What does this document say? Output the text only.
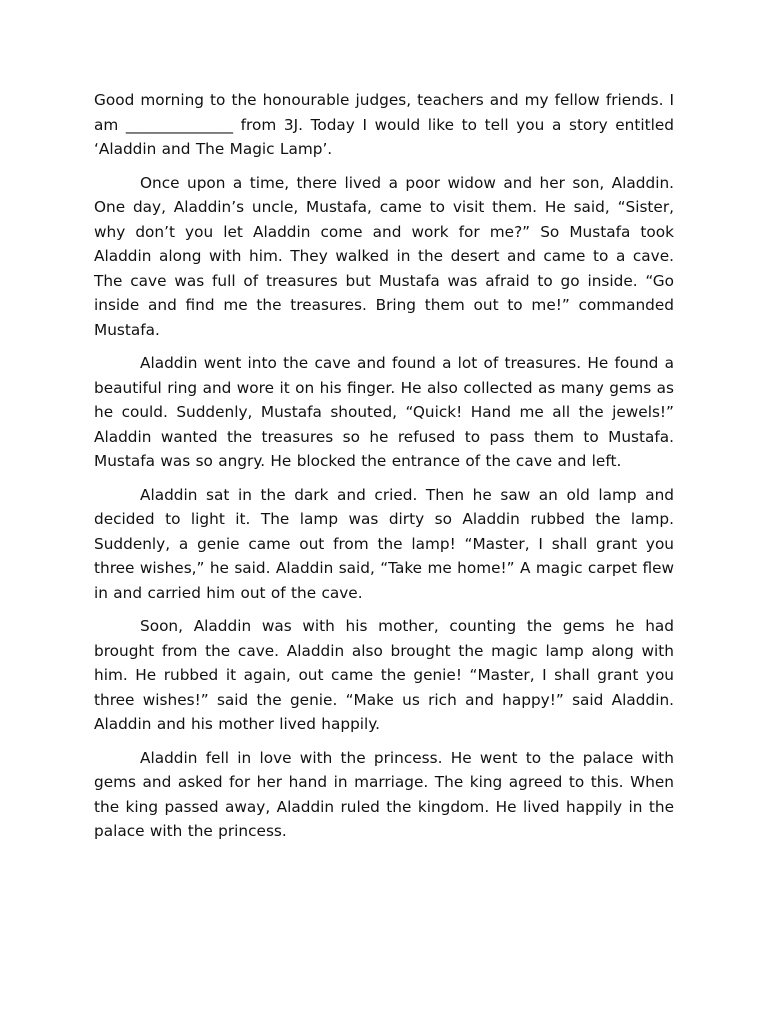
Good morning to the honourable judges, teachers and my fellow friends. I am ______________ from 3J. Today I would like to tell you a story entitled ‘Aladdin and The Magic Lamp’.

Once upon a time, there lived a poor widow and her son, Aladdin. One day, Aladdin’s uncle, Mustafa, came to visit them. He said, “Sister, why don’t you let Aladdin come and work for me?” So Mustafa took Aladdin along with him. They walked in the desert and came to a cave. The cave was full of treasures but Mustafa was afraid to go inside. “Go inside and find me the treasures. Bring them out to me!” commanded Mustafa.

Aladdin went into the cave and found a lot of treasures. He found a beautiful ring and wore it on his finger. He also collected as many gems as he could. Suddenly, Mustafa shouted, “Quick! Hand me all the jewels!” Aladdin wanted the treasures so he refused to pass them to Mustafa. Mustafa was so angry. He blocked the entrance of the cave and left.

Aladdin sat in the dark and cried. Then he saw an old lamp and decided to light it. The lamp was dirty so Aladdin rubbed the lamp. Suddenly, a genie came out from the lamp! “Master, I shall grant you three wishes,” he said. Aladdin said, “Take me home!” A magic carpet flew in and carried him out of the cave.

Soon, Aladdin was with his mother, counting the gems he had brought from the cave. Aladdin also brought the magic lamp along with him. He rubbed it again, out came the genie! “Master, I shall grant you three wishes!” said the genie. “Make us rich and happy!” said Aladdin. Aladdin and his mother lived happily.

Aladdin fell in love with the princess. He went to the palace with gems and asked for her hand in marriage. The king agreed to this. When the king passed away, Aladdin ruled the kingdom. He lived happily in the palace with the princess.
